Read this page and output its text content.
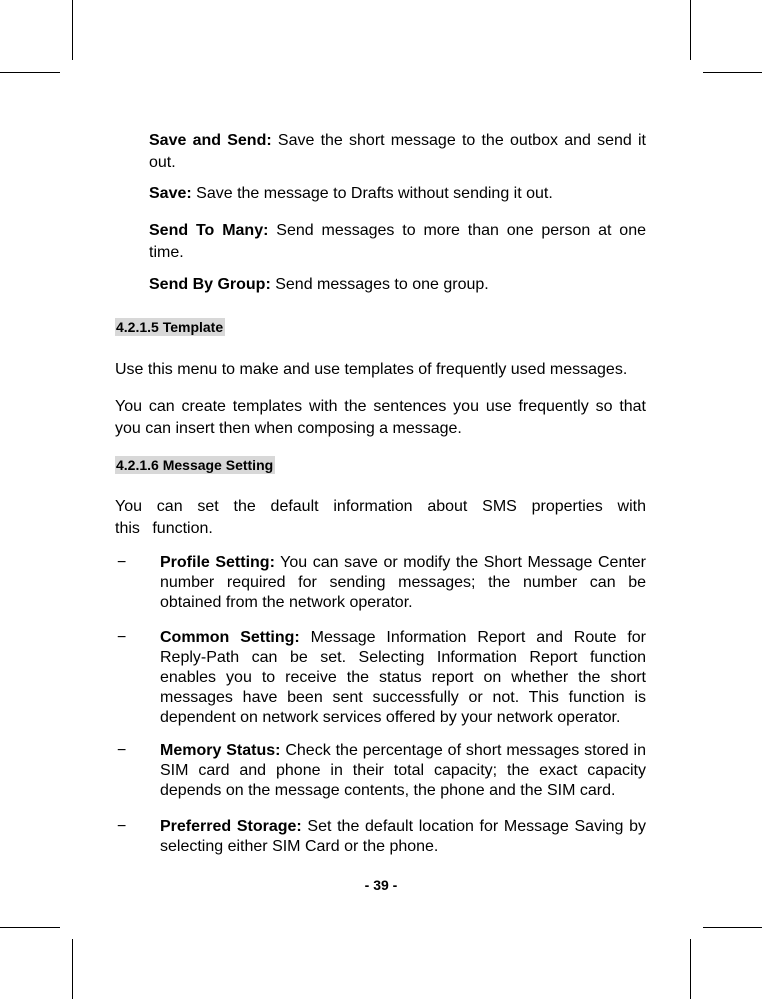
Save and Send: Save the short message to the outbox and send it out.
Save: Save the message to Drafts without sending it out.
Send To Many: Send messages to more than one person at one time.
Send By Group: Send messages to one group.
4.2.1.5 Template
Use this menu to make and use templates of frequently used messages.
You can create templates with the sentences you use frequently so that you can insert then when composing a message.
4.2.1.6 Message Setting
You can set the default information about SMS properties with this function.
− Profile Setting: You can save or modify the Short Message Center number required for sending messages; the number can be obtained from the network operator.
− Common Setting: Message Information Report and Route for Reply-Path can be set. Selecting Information Report function enables you to receive the status report on whether the short messages have been sent successfully or not. This function is dependent on network services offered by your network operator.
− Memory Status: Check the percentage of short messages stored in SIM card and phone in their total capacity; the exact capacity depends on the message contents, the phone and the SIM card.
− Preferred Storage: Set the default location for Message Saving by selecting either SIM Card or the phone.
- 39 -
